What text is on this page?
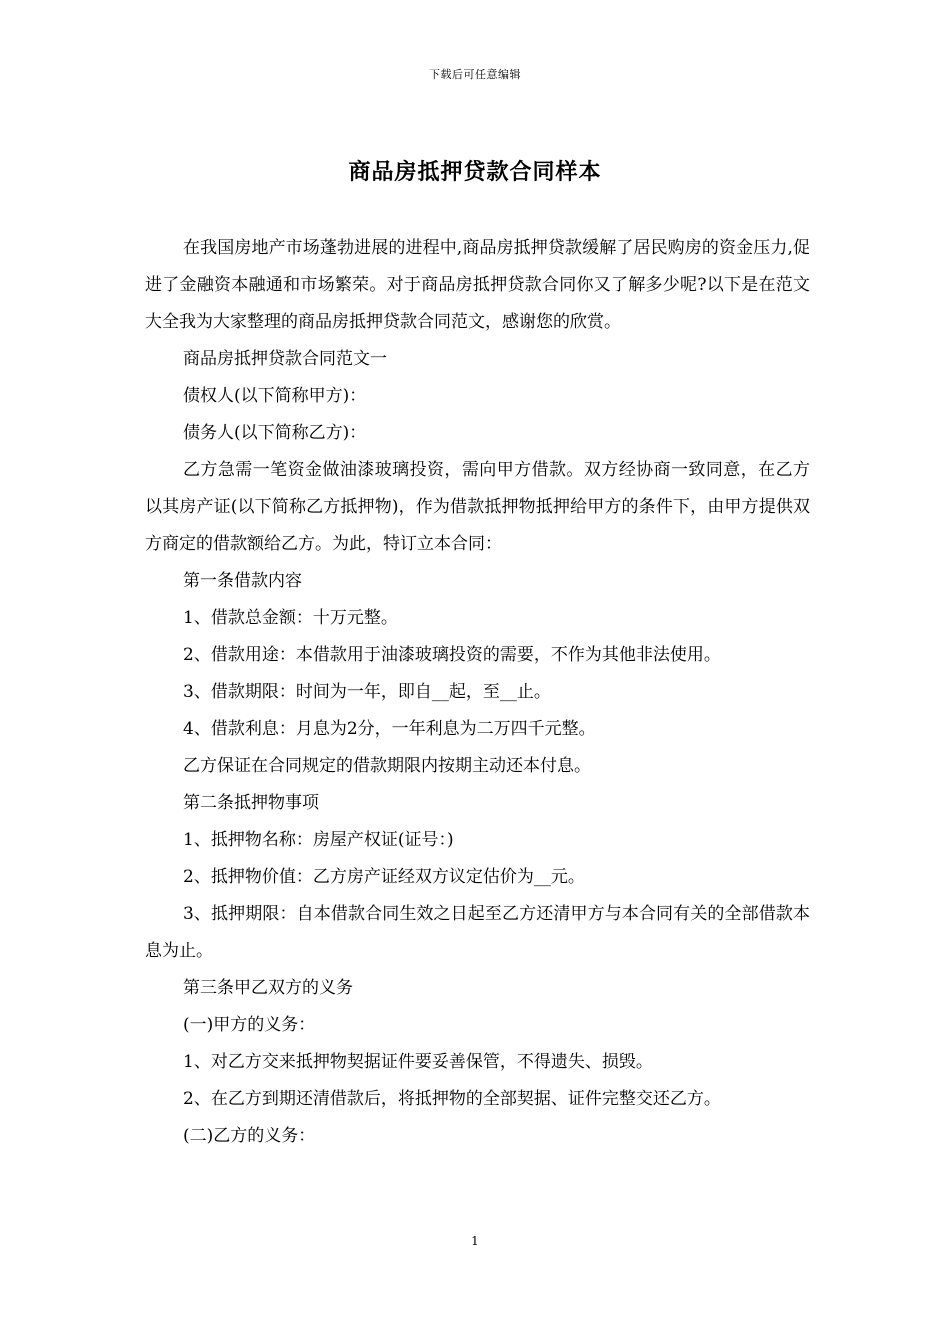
下载后可任意编辑
商品房抵押贷款合同样本

在我国房地产市场蓬勃进展的进程中,商品房抵押贷款缓解了居民购房的资金压力,促进了金融资本融通和市场繁荣。对于商品房抵押贷款合同你又了解多少呢?以下是在范文大全我为大家整理的商品房抵押贷款合同范文，感谢您的欣赏。

商品房抵押贷款合同范文一

债权人(以下简称甲方)：

债务人(以下简称乙方)：

乙方急需一笔资金做油漆玻璃投资，需向甲方借款。双方经协商一致同意，在乙方以其房产证(以下简称乙方抵押物)，作为借款抵押物抵押给甲方的条件下，由甲方提供双方商定的借款额给乙方。为此，特订立本合同：

第一条借款内容

1、借款总金额：十万元整。

2、借款用途：本借款用于油漆玻璃投资的需要，不作为其他非法使用。

3、借款期限：时间为一年，即自__起，至__止。

4、借款利息：月息为2分，一年利息为二万四千元整。

乙方保证在合同规定的借款期限内按期主动还本付息。

第二条抵押物事项

1、抵押物名称：房屋产权证(证号：)

2、抵押物价值：乙方房产证经双方议定估价为__元。

3、抵押期限：自本借款合同生效之日起至乙方还清甲方与本合同有关的全部借款本息为止。

第三条甲乙双方的义务

(一)甲方的义务：

1、对乙方交来抵押物契据证件要妥善保管，不得遗失、损毁。

2、在乙方到期还清借款后，将抵押物的全部契据、证件完整交还乙方。

(二)乙方的义务：

1
